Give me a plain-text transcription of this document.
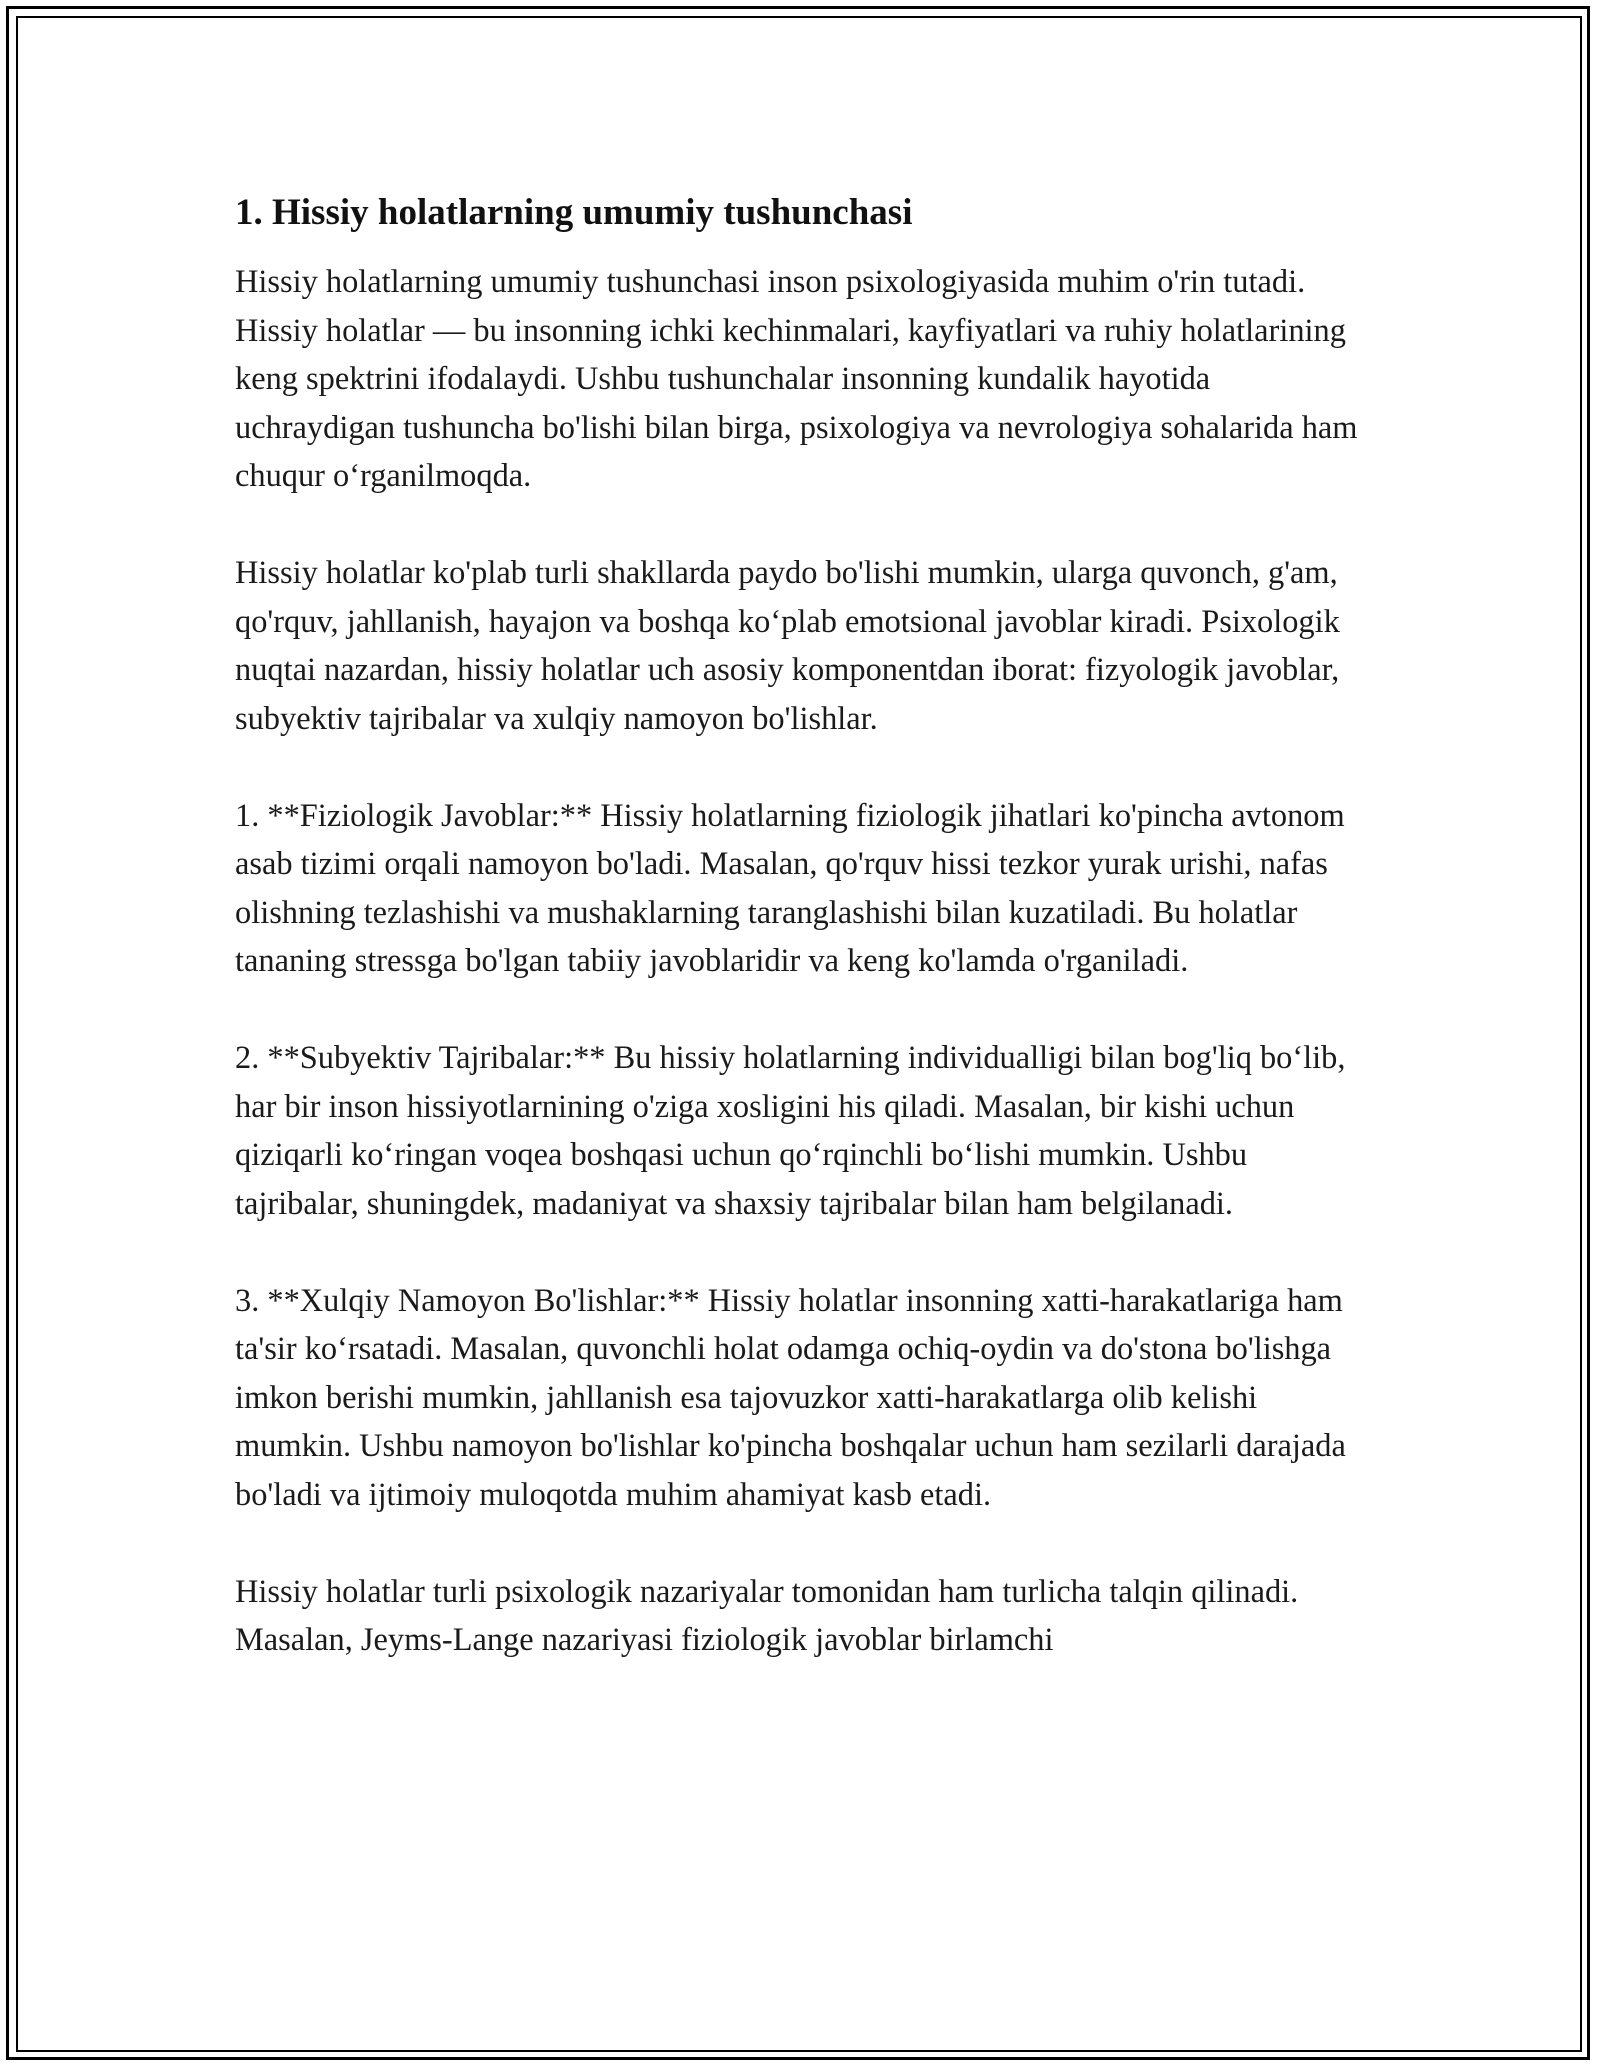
1. Hissiy holatlarning umumiy tushunchasi

Hissiy holatlarning umumiy tushunchasi inson psixologiyasida muhim o'rin tutadi. Hissiy holatlar — bu insonning ichki kechinmalari, kayfiyatlari va ruhiy holatlarining keng spektrini ifodalaydi. Ushbu tushunchalar insonning kundalik hayotida uchraydigan tushuncha bo'lishi bilan birga, psixologiya va nevrologiya sohalarida ham chuqur o‘rganilmoqda.

Hissiy holatlar ko'plab turli shakllarda paydo bo'lishi mumkin, ularga quvonch, g'am, qo'rquv, jahllanish, hayajon va boshqa ko‘plab emotsional javoblar kiradi. Psixologik nuqtai nazardan, hissiy holatlar uch asosiy komponentdan iborat: fizyologik javoblar, subyektiv tajribalar va xulqiy namoyon bo'lishlar.

1. **Fiziologik Javoblar:** Hissiy holatlarning fiziologik jihatlari ko'pincha avtonom asab tizimi orqali namoyon bo'ladi. Masalan, qo'rquv hissi tezkor yurak urishi, nafas olishning tezlashishi va mushaklarning taranglashishi bilan kuzatiladi. Bu holatlar tananing stressga bo'lgan tabiiy javoblaridir va keng ko'lamda o'rganiladi.

2. **Subyektiv Tajribalar:** Bu hissiy holatlarning individualligi bilan bog'liq bo‘lib, har bir inson hissiyotlarnining o'ziga xosligini his qiladi. Masalan, bir kishi uchun qiziqarli ko‘ringan voqea boshqasi uchun qo‘rqinchli bo‘lishi mumkin. Ushbu tajribalar, shuningdek, madaniyat va shaxsiy tajribalar bilan ham belgilanadi.

3. **Xulqiy Namoyon Bo'lishlar:** Hissiy holatlar insonning xatti-harakatlariga ham ta'sir ko‘rsatadi. Masalan, quvonchli holat odamga ochiq-oydin va do'stona bo'lishga imkon berishi mumkin, jahllanish esa tajovuzkor xatti-harakatlarga olib kelishi mumkin. Ushbu namoyon bo'lishlar ko'pincha boshqalar uchun ham sezilarli darajada bo'ladi va ijtimoiy muloqotda muhim ahamiyat kasb etadi.

Hissiy holatlar turli psixologik nazariyalar tomonidan ham turlicha talqin qilinadi. Masalan, Jeyms-Lange nazariyasi fiziologik javoblar birlamchi
